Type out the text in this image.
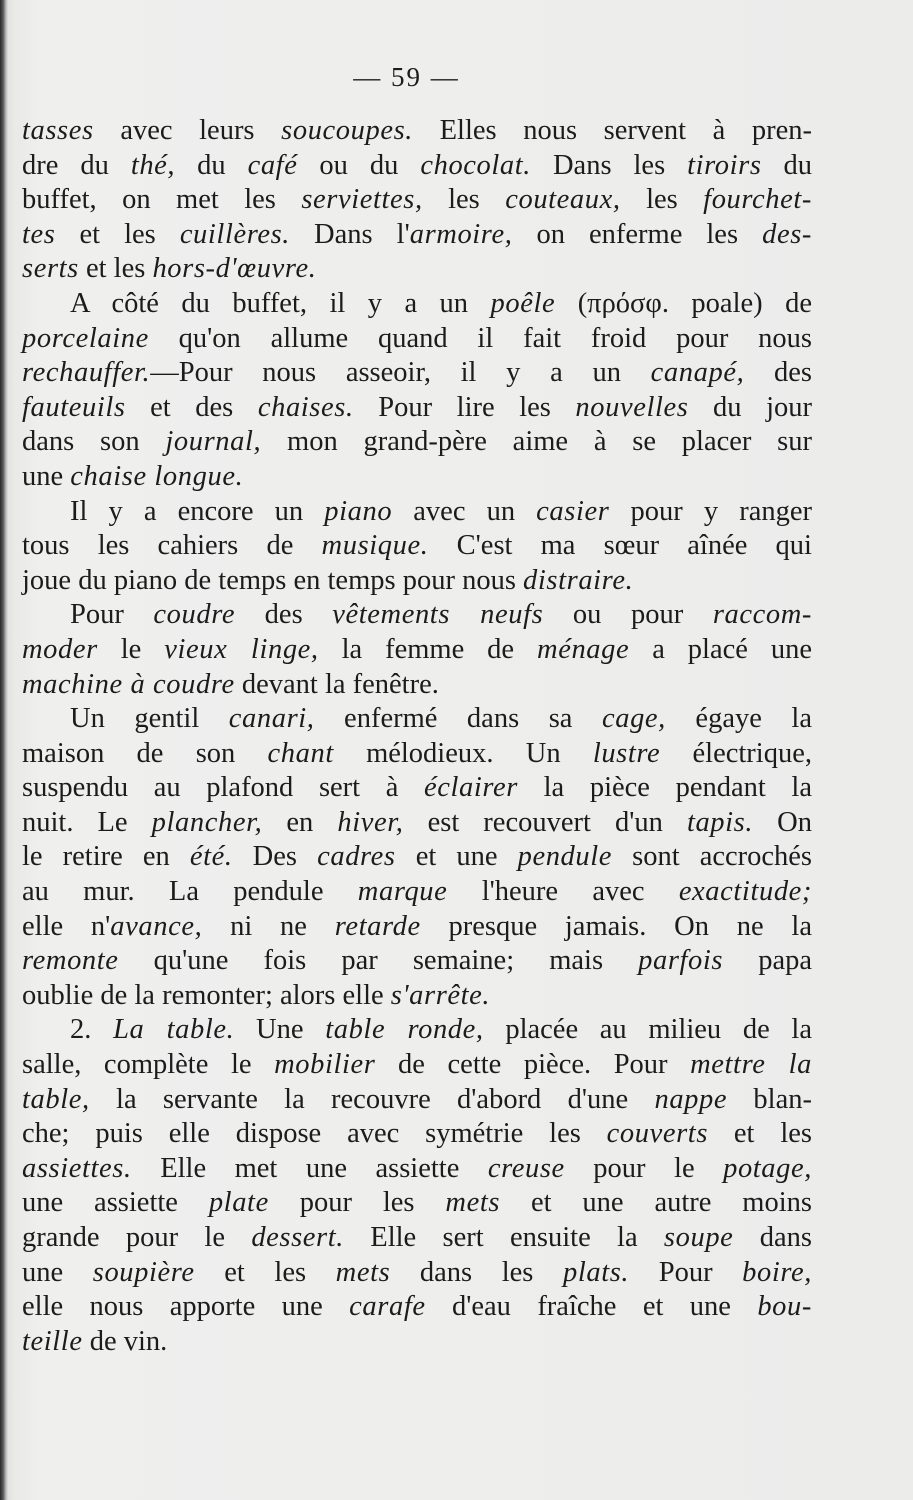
— 59 —
tasses avec leurs soucoupes. Elles nous servent à pren-
dre du thé, du café ou du chocolat. Dans les tiroirs du
buffet, on met les serviettes, les couteaux, les fourchet-
tes et les cuillères. Dans l'armoire, on enferme les des-
serts et les hors-d'œuvre.
A côté du buffet, il y a un poêle (πρόσφ. poale) de
porcelaine qu'on allume quand il fait froid pour nous
rechauffer.—Pour nous asseoir, il y a un canapé, des
fauteuils et des chaises. Pour lire les nouvelles du jour
dans son journal, mon grand-père aime à se placer sur
une chaise longue.
Il y a encore un piano avec un casier pour y ranger
tous les cahiers de musique. C'est ma sœur aînée qui
joue du piano de temps en temps pour nous distraire.
Pour coudre des vêtements neufs ou pour raccom-
moder le vieux linge, la femme de ménage a placé une
machine à coudre devant la fenêtre.
Un gentil canari, enfermé dans sa cage, égaye la
maison de son chant mélodieux. Un lustre électrique,
suspendu au plafond sert à éclairer la pièce pendant la
nuit. Le plancher, en hiver, est recouvert d'un tapis. On
le retire en été. Des cadres et une pendule sont accrochés
au mur. La pendule marque l'heure avec exactitude;
elle n'avance, ni ne retarde presque jamais. On ne la
remonte qu'une fois par semaine; mais parfois papa
oublie de la remonter; alors elle s'arrête.
2. La table. Une table ronde, placée au milieu de la
salle, complète le mobilier de cette pièce. Pour mettre la
table, la servante la recouvre d'abord d'une nappe blan-
che; puis elle dispose avec symétrie les couverts et les
assiettes. Elle met une assiette creuse pour le potage,
une assiette plate pour les mets et une autre moins
grande pour le dessert. Elle sert ensuite la soupe dans
une soupière et les mets dans les plats. Pour boire,
elle nous apporte une carafe d'eau fraîche et une bou-
teille de vin.
